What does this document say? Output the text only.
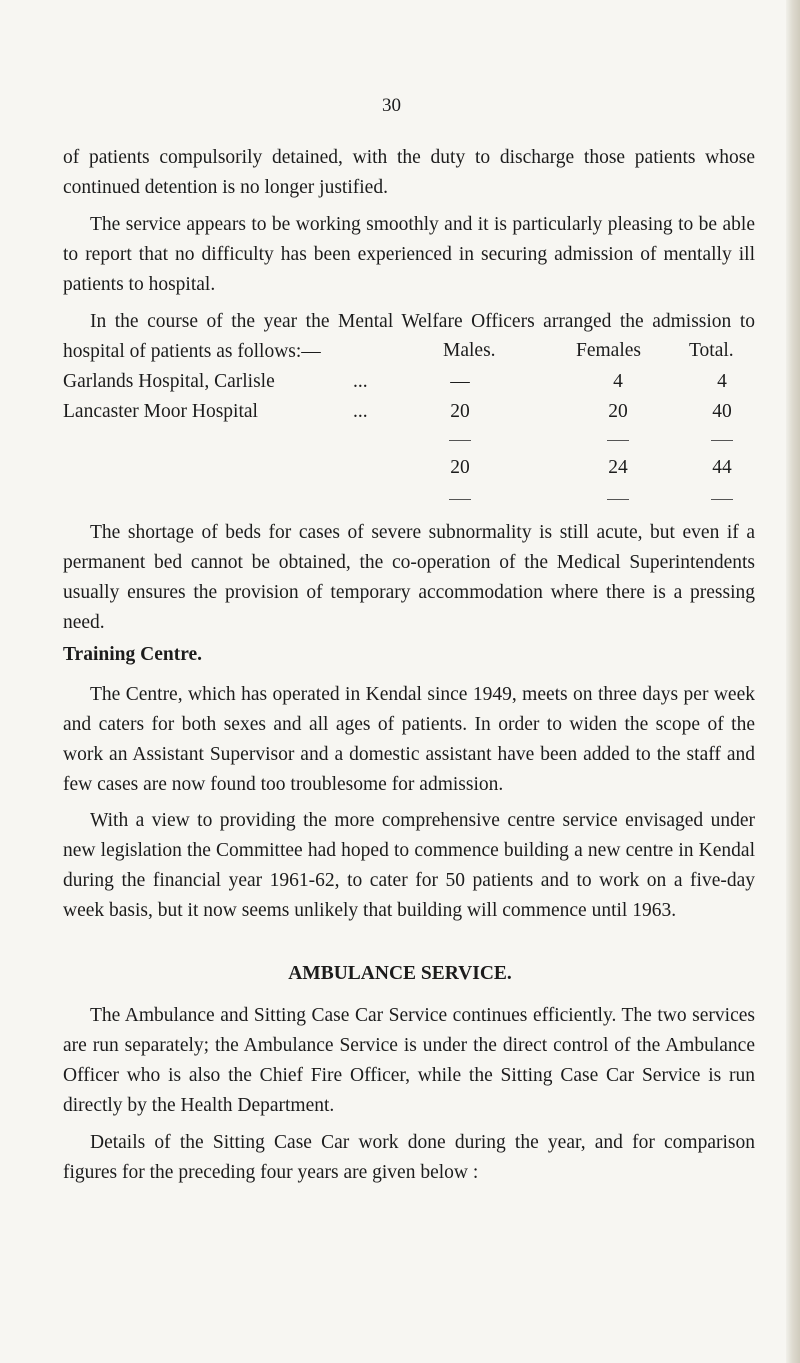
30

of patients compulsorily detained, with the duty to discharge those patients whose continued detention is no longer justified.

The service appears to be working smoothly and it is particularly pleasing to be able to report that no difficulty has been experienced in securing admission of mentally ill patients to hospital.

In the course of the year the Mental Welfare Officers arranged the admission to hospital of patients as follows:—	Males.	Females Total.
Garlands Hospital, Carlisle	...	—	4	4
Lancaster Moor Hospital	...	20	20	40
20	24	44

The shortage of beds for cases of severe subnormality is still acute, but even if a permanent bed cannot be obtained, the co-operation of the Medical Superintendents usually ensures the provision of temporary accommodation where there is a pressing need.

Training Centre.

The Centre, which has operated in Kendal since 1949, meets on three days per week and caters for both sexes and all ages of patients. In order to widen the scope of the work an Assistant Supervisor and a domestic assistant have been added to the staff and few cases are now found too troublesome for admission.

With a view to providing the more comprehensive centre service envisaged under new legislation the Committee had hoped to commence building a new centre in Kendal during the financial year 1961-62, to cater for 50 patients and to work on a five-day week basis, but it now seems unlikely that building will commence until 1963.

AMBULANCE SERVICE.

The Ambulance and Sitting Case Car Service continues efficiently. The two services are run separately; the Ambulance Service is under the direct control of the Ambulance Officer who is also the Chief Fire Officer, while the Sitting Case Car Service is run directly by the Health Department.

Details of the Sitting Case Car work done during the year, and for comparison figures for the preceding four years are given below :
